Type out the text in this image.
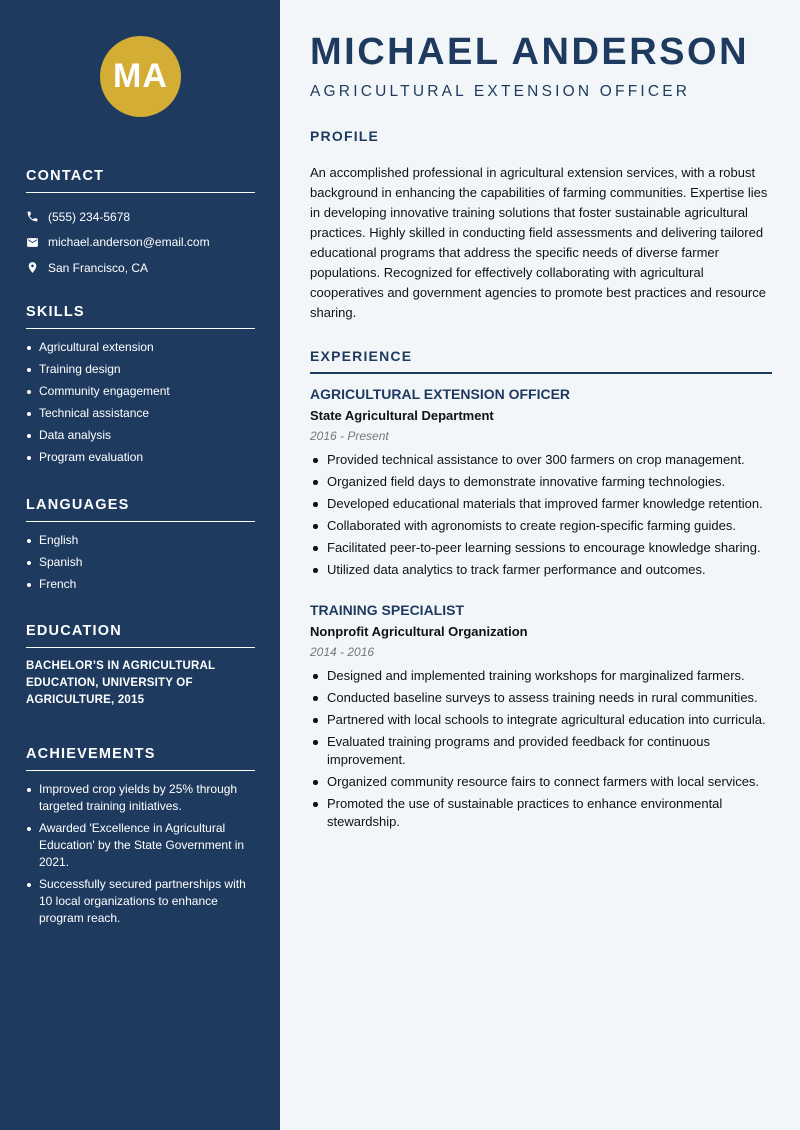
MA
CONTACT
(555) 234-5678
michael.anderson@email.com
San Francisco, CA
SKILLS
Agricultural extension
Training design
Community engagement
Technical assistance
Data analysis
Program evaluation
LANGUAGES
English
Spanish
French
EDUCATION
BACHELOR’S IN AGRICULTURAL EDUCATION, UNIVERSITY OF AGRICULTURE, 2015
ACHIEVEMENTS
Improved crop yields by 25% through targeted training initiatives.
Awarded 'Excellence in Agricultural Education' by the State Government in 2021.
Successfully secured partnerships with 10 local organizations to enhance program reach.
MICHAEL ANDERSON
AGRICULTURAL EXTENSION OFFICER
PROFILE
An accomplished professional in agricultural extension services, with a robust background in enhancing the capabilities of farming communities. Expertise lies in developing innovative training solutions that foster sustainable agricultural practices. Highly skilled in conducting field assessments and delivering tailored educational programs that address the specific needs of diverse farmer populations. Recognized for effectively collaborating with agricultural cooperatives and government agencies to promote best practices and resource sharing.
EXPERIENCE
AGRICULTURAL EXTENSION OFFICER
State Agricultural Department
2016 - Present
Provided technical assistance to over 300 farmers on crop management.
Organized field days to demonstrate innovative farming technologies.
Developed educational materials that improved farmer knowledge retention.
Collaborated with agronomists to create region-specific farming guides.
Facilitated peer-to-peer learning sessions to encourage knowledge sharing.
Utilized data analytics to track farmer performance and outcomes.
TRAINING SPECIALIST
Nonprofit Agricultural Organization
2014 - 2016
Designed and implemented training workshops for marginalized farmers.
Conducted baseline surveys to assess training needs in rural communities.
Partnered with local schools to integrate agricultural education into curricula.
Evaluated training programs and provided feedback for continuous improvement.
Organized community resource fairs to connect farmers with local services.
Promoted the use of sustainable practices to enhance environmental stewardship.
